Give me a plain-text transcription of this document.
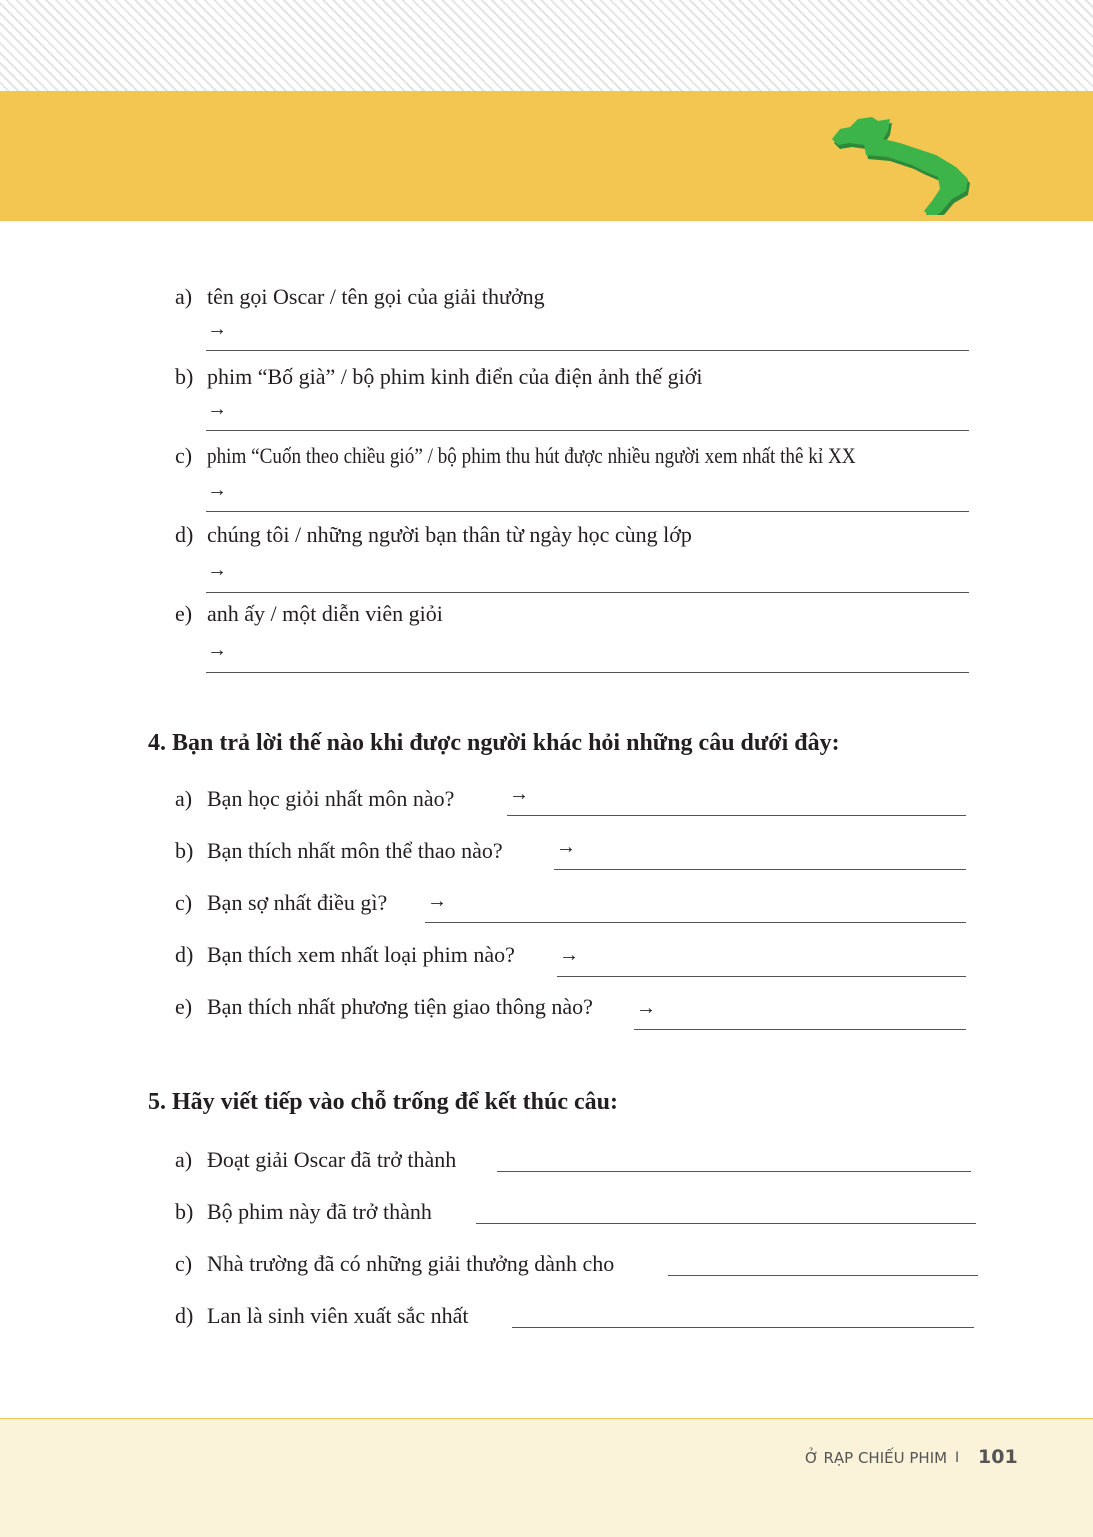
a) tên gọi Oscar / tên gọi của giải thưởng
→
b) phim “Bố già” / bộ phim kinh điển của điện ảnh thế giới
→
c) phim “Cuốn theo chiều gió” / bộ phim thu hút được nhiều người xem nhất thê kỉ XX
→
d) chúng tôi / những người bạn thân từ ngày học cùng lớp
→
e) anh ấy / một diễn viên giỏi
→
4. Bạn trả lời thế nào khi được người khác hỏi những câu dưới đây:
a) Bạn học giỏi nhất môn nào?	→
b) Bạn thích nhất môn thể thao nào?	→
c) Bạn sợ nhất điều gì? →
d) Bạn thích xem nhất loại phim nào? →
e) Bạn thích nhất phương tiện giao thông nào? →
5. Hãy viết tiếp vào chỗ trống để kết thúc câu:
a) Đoạt giải Oscar đã trở thành
b) Bộ phim này đã trở thành
c) Nhà trường đã có những giải thưởng dành cho
d) Lan là sinh viên xuất sắc nhất
Ở RẠP CHIẾU PHIM I 101
